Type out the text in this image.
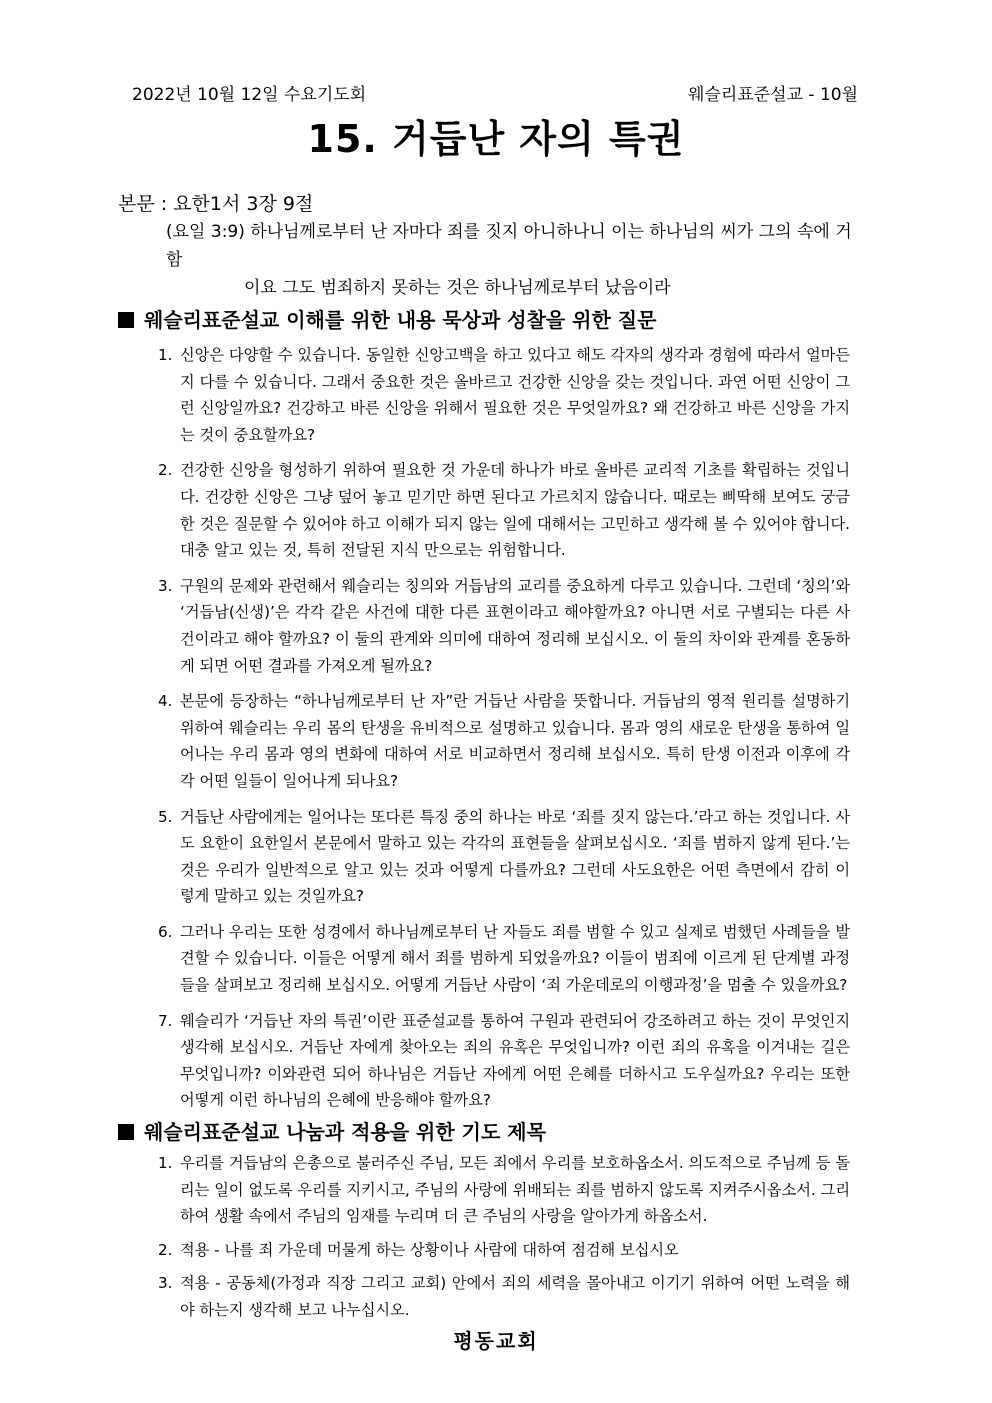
2022년 10월 12일 수요기도회	웨슬리표준설교 - 10월
15. 거듭난 자의 특권
본문 : 요한1서 3장 9절
(요일 3:9) 하나님께로부터 난 자마다 죄를 짓지 아니하나니 이는 하나님의 씨가 그의 속에 거함
이요 그도 범죄하지 못하는 것은 하나님께로부터 났음이라
웨슬리표준설교 이해를 위한 내용 묵상과 성찰을 위한 질문
1. 신앙은 다양할 수 있습니다. 동일한 신앙고백을 하고 있다고 해도 각자의 생각과 경험에 따라서 얼마든지 다를 수 있습니다. 그래서 중요한 것은 올바르고 건강한 신앙을 갖는 것입니다. 과연 어떤 신앙이 그런 신앙일까요? 건강하고 바른 신앙을 위해서 필요한 것은 무엇일까요? 왜 건강하고 바른 신앙을 가지는 것이 중요할까요?
2. 건강한 신앙을 형성하기 위하여 필요한 것 가운데 하나가 바로 올바른 교리적 기초를 확립하는 것입니다. 건강한 신앙은 그냥 덮어 놓고 믿기만 하면 된다고 가르치지 않습니다. 때로는 삐딱해 보여도 궁금한 것은 질문할 수 있어야 하고 이해가 되지 않는 일에 대해서는 고민하고 생각해 볼 수 있어야 합니다. 대충 알고 있는 것, 특히 전달된 지식 만으로는 위험합니다.
3. 구원의 문제와 관련해서 웨슬리는 칭의와 거듭남의 교리를 중요하게 다루고 있습니다. 그런데 ‘칭의’와 ‘거듭남(신생)’은 각각 같은 사건에 대한 다른 표현이라고 해야할까요? 아니면 서로 구별되는 다른 사건이라고 해야 할까요? 이 둘의 관계와 의미에 대하여 정리해 보십시오. 이 둘의 차이와 관계를 혼동하게 되면 어떤 결과를 가져오게 될까요?
4. 본문에 등장하는 “하나님께로부터 난 자”란 거듭난 사람을 뜻합니다. 거듭남의 영적 원리를 설명하기 위하여 웨슬리는 우리 몸의 탄생을 유비적으로 설명하고 있습니다. 몸과 영의 새로운 탄생을 통하여 일어나는 우리 몸과 영의 변화에 대하여 서로 비교하면서 정리해 보십시오. 특히 탄생 이전과 이후에 각각 어떤 일들이 일어나게 되나요?
5. 거듭난 사람에게는 일어나는 또다른 특징 중의 하나는 바로 ‘죄를 짓지 않는다.’라고 하는 것입니다. 사도 요한이 요한일서 본문에서 말하고 있는 각각의 표현들을 살펴보십시오. ‘죄를 범하지 않게 된다.’는 것은 우리가 일반적으로 알고 있는 것과 어떻게 다를까요? 그런데 사도요한은 어떤 측면에서 감히 이렇게 말하고 있는 것일까요?
6. 그러나 우리는 또한 성경에서 하나님께로부터 난 자들도 죄를 범할 수 있고 실제로 범했던 사례들을 발견할 수 있습니다. 이들은 어떻게 해서 죄를 범하게 되었을까요? 이들이 범죄에 이르게 된 단계별 과정들을 살펴보고 정리해 보십시오. 어떻게 거듭난 사람이 ‘죄 가운데로의 이행과정’을 멈출 수 있을까요?
7. 웨슬리가 ‘거듭난 자의 특권’이란 표준설교를 통하여 구원과 관련되어 강조하려고 하는 것이 무엇인지 생각해 보십시오. 거듭난 자에게 찾아오는 죄의 유혹은 무엇입니까? 이런 죄의 유혹을 이겨내는 길은 무엇입니까? 이와관련 되어 하나님은 거듭난 자에게 어떤 은혜를 더하시고 도우실까요? 우리는 또한 어떻게 이런 하나님의 은혜에 반응해야 할까요?
웨슬리표준설교 나눔과 적용을 위한 기도 제목
1. 우리를 거듭남의 은총으로 불러주신 주님, 모든 죄에서 우리를 보호하옵소서. 의도적으로 주님께 등 돌리는 일이 없도록 우리를 지키시고, 주님의 사랑에 위배되는 죄를 범하지 않도록 지켜주시옵소서. 그리하여 생활 속에서 주님의 임재를 누리며 더 큰 주님의 사랑을 알아가게 하옵소서.
2. 적용 - 나를 죄 가운데 머물게 하는 상황이나 사람에 대하여 점검해 보십시오
3. 적용 - 공동체(가정과 직장 그리고 교회) 안에서 죄의 세력을 몰아내고 이기기 위하여 어떤 노력을 해야 하는지 생각해 보고 나누십시오.
평동교회
